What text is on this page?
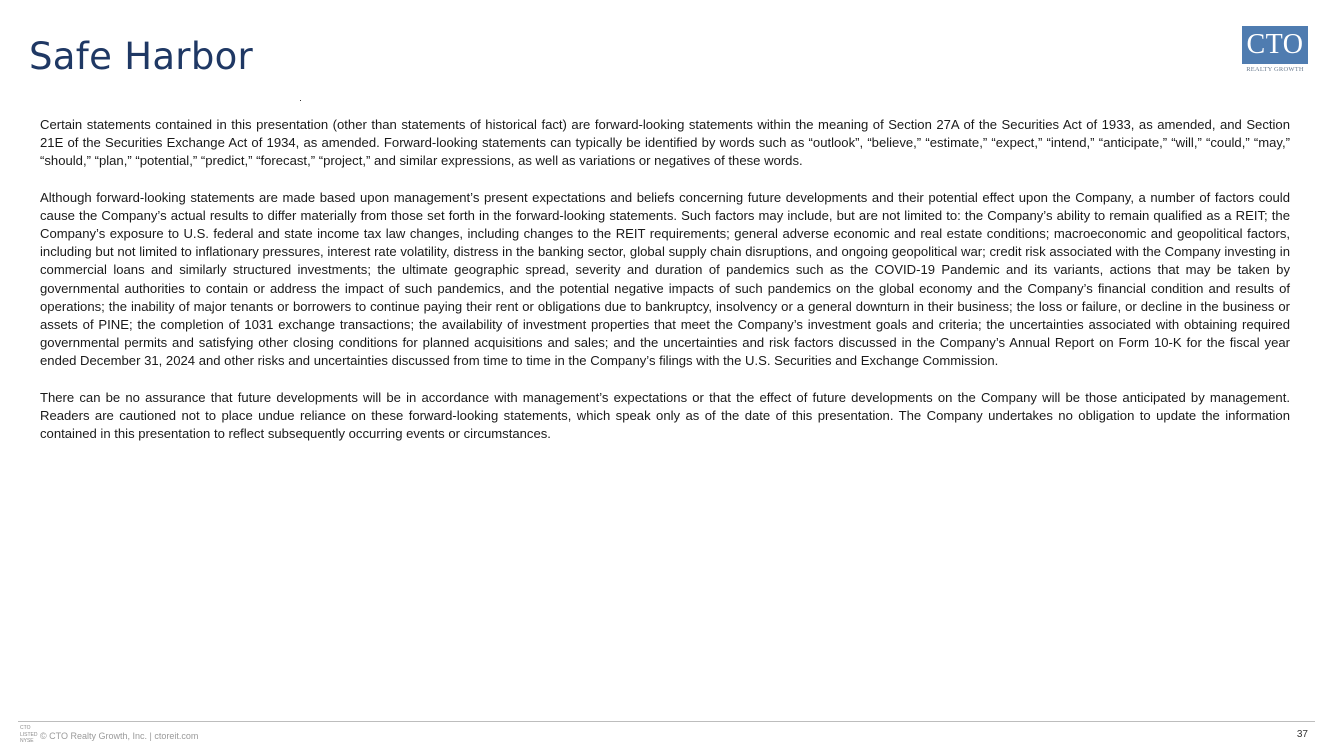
Safe Harbor	CTO
REALTY GROWTH

Certain statements contained in this presentation (other than statements of historical fact) are forward-looking statements within the meaning of Section 27A of the Securities Act of 1933, as amended, and Section 21E of the Securities Exchange Act of 1934, as amended. Forward-looking statements can typically be identified by words such as “outlook”, “believe,” “estimate,” “expect,” “intend,” “anticipate,” “will,” “could,” “may,” “should,” “plan,” “potential,” “predict,” “forecast,” “project,” and similar expressions, as well as variations or negatives of these words.

Although forward-looking statements are made based upon management’s present expectations and beliefs concerning future developments and their potential effect upon the Company, a number of factors could cause the Company’s actual results to differ materially from those set forth in the forward-looking statements. Such factors may include, but are not limited to: the Company’s ability to remain qualified as a REIT; the Company’s exposure to U.S. federal and state income tax law changes, including changes to the REIT requirements; general adverse economic and real estate conditions; macroeconomic and geopolitical factors, including but not limited to inflationary pressures, interest rate volatility, distress in the banking sector, global supply chain disruptions, and ongoing geopolitical war; credit risk associated with the Company investing in commercial loans and similarly structured investments; the ultimate geographic spread, severity and duration of pandemics such as the COVID-19 Pandemic and its variants, actions that may be taken by governmental authorities to contain or address the impact of such pandemics, and the potential negative impacts of such pandemics on the global economy and the Company’s financial condition and results of operations; the inability of major tenants or borrowers to continue paying their rent or obligations due to bankruptcy, insolvency or a general downturn in their business; the loss or failure, or decline in the business or assets of PINE; the completion of 1031 exchange transactions; the availability of investment properties that meet the Company’s investment goals and criteria; the uncertainties associated with obtaining required governmental permits and satisfying other closing conditions for planned acquisitions and sales; and the uncertainties and risk factors discussed in the Company’s Annual Report on Form 10-K for the fiscal year ended December 31, 2024 and other risks and uncertainties discussed from time to time in the Company’s filings with the U.S. Securities and Exchange Commission.

There can be no assurance that future developments will be in accordance with management’s expectations or that the effect of future developments on the Company will be those anticipated by management. Readers are cautioned not to place undue reliance on these forward-looking statements, which speak only as of the date of this presentation. The Company undertakes no obligation to update the information contained in this presentation to reflect subsequently occurring events or circumstances.

CTO
LISTED
NYSE © CTO Realty Growth, Inc. | ctoreit.com	37
